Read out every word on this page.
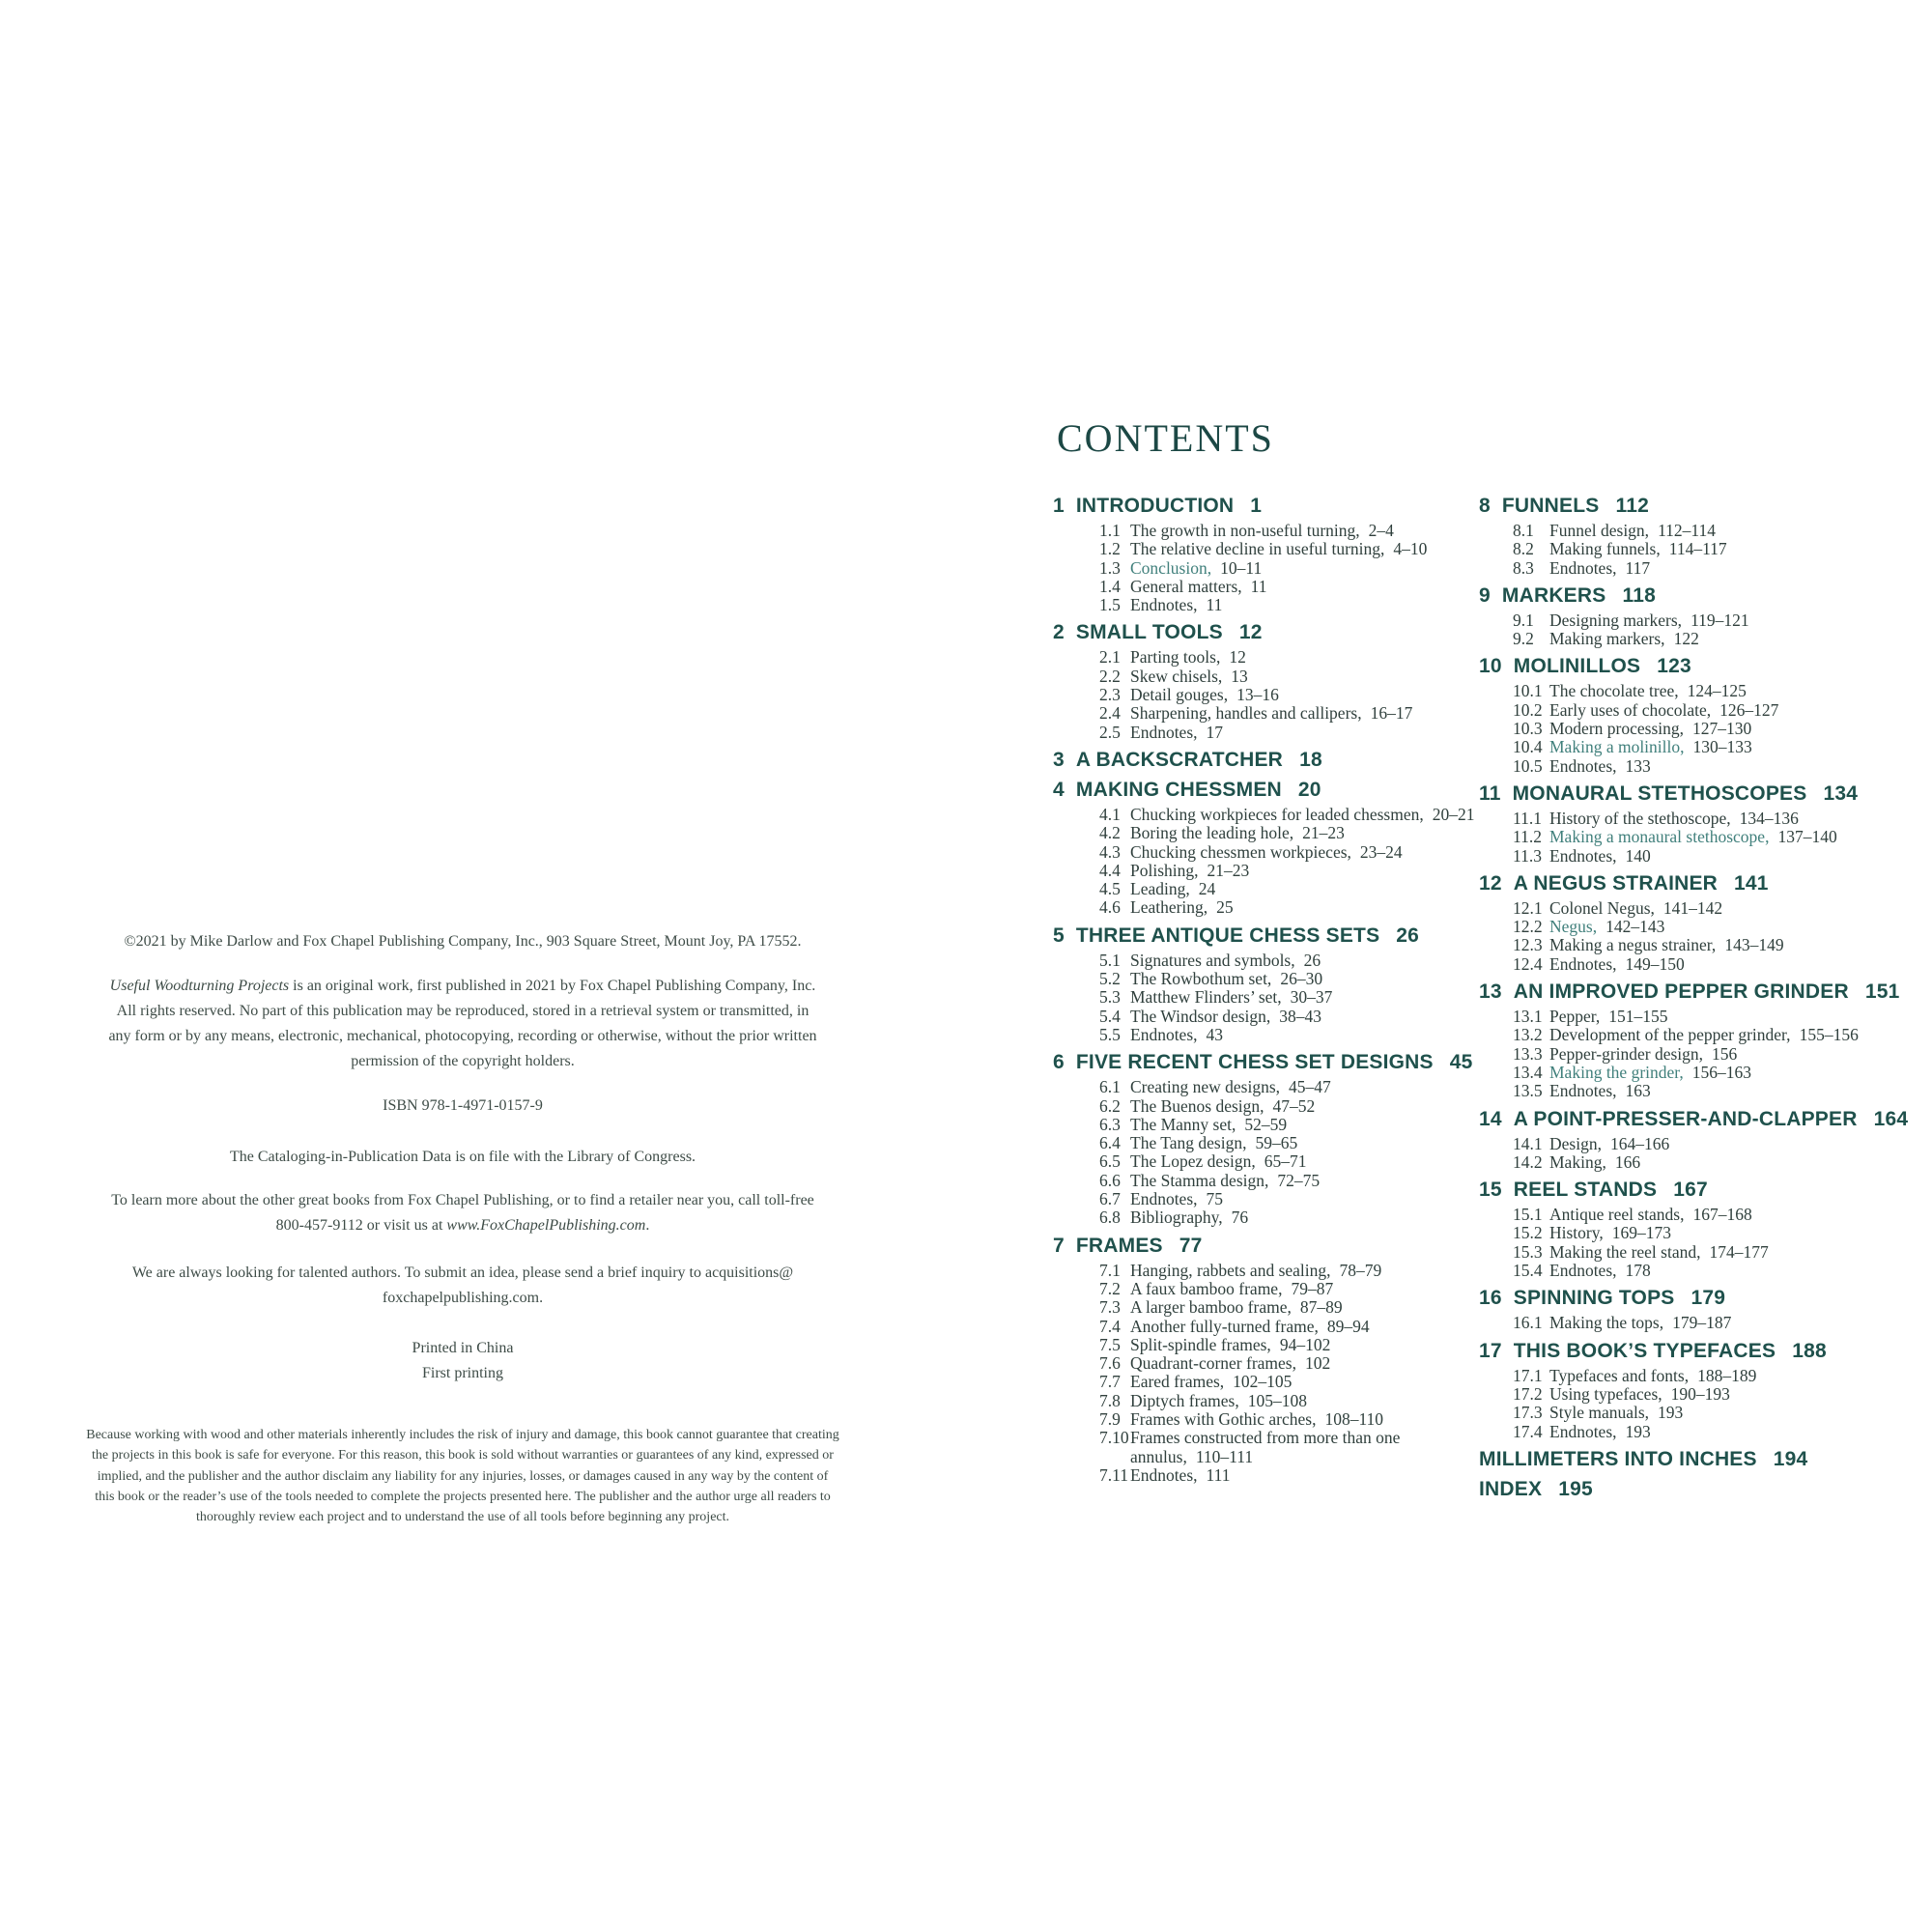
©2021 by Mike Darlow and Fox Chapel Publishing Company, Inc., 903 Square Street, Mount Joy, PA 17552.

Useful Woodturning Projects is an original work, first published in 2021 by Fox Chapel Publishing Company, Inc.
All rights reserved. No part of this publication may be reproduced, stored in a retrieval system or transmitted, in
any form or by any means, electronic, mechanical, photocopying, recording or otherwise, without the prior written
permission of the copyright holders.

ISBN 978-1-4971-0157-9

The Cataloging-in-Publication Data is on file with the Library of Congress.

To learn more about the other great books from Fox Chapel Publishing, or to find a retailer near you, call toll-free
800-457-9112 or visit us at www.FoxChapelPublishing.com.

We are always looking for talented authors. To submit an idea, please send a brief inquiry to acquisitions@
foxchapelpublishing.com.

Printed in China
First printing

Because working with wood and other materials inherently includes the risk of injury and damage, this book cannot guarantee that creating
the projects in this book is safe for everyone. For this reason, this book is sold without warranties or guarantees of any kind, expressed or
implied, and the publisher and the author disclaim any liability for any injuries, losses, or damages caused in any way by the content of
this book or the reader’s use of the tools needed to complete the projects presented here. The publisher and the author urge all readers to
thoroughly review each project and to understand the use of all tools before beginning any project.

CONTENTS
1 INTRODUCTION 1
1.1 The growth in non-useful turning, 2–4
1.2 The relative decline in useful turning, 4–10
1.3 Conclusion, 10–11
1.4 General matters, 11
1.5 Endnotes, 11
2 SMALL TOOLS 12
2.1 Parting tools, 12
2.2 Skew chisels, 13
2.3 Detail gouges, 13–16
2.4 Sharpening, handles and callipers, 16–17
2.5 Endnotes, 17
3 A BACKSCRATCHER 18
4 MAKING CHESSMEN 20
4.1 Chucking workpieces for leaded chessmen, 20–21
4.2 Boring the leading hole, 21–23
4.3 Chucking chessmen workpieces, 23–24
4.4 Polishing, 21–23
4.5 Leading, 24
4.6 Leathering, 25
5 THREE ANTIQUE CHESS SETS 26
5.1 Signatures and symbols, 26
5.2 The Rowbothum set, 26–30
5.3 Matthew Flinders’ set, 30–37
5.4 The Windsor design, 38–43
5.5 Endnotes, 43
6 FIVE RECENT CHESS SET DESIGNS 45
6.1 Creating new designs, 45–47
6.2 The Buenos design, 47–52
6.3 The Manny set, 52–59
6.4 The Tang design, 59–65
6.5 The Lopez design, 65–71
6.6 The Stamma design, 72–75
6.7 Endnotes, 75
6.8 Bibliography, 76
7 FRAMES 77
7.1 Hanging, rabbets and sealing, 78–79
7.2 A faux bamboo frame, 79–87
7.3 A larger bamboo frame, 87–89
7.4 Another fully-turned frame, 89–94
7.5 Split-spindle frames, 94–102
7.6 Quadrant-corner frames, 102
7.7 Eared frames, 102–105
7.8 Diptych frames, 105–108
7.9 Frames with Gothic arches, 108–110
7.10 Frames constructed from more than one
annulus, 110–111
7.11 Endnotes, 111
8 FUNNELS 112
8.1 Funnel design, 112–114
8.2 Making funnels, 114–117
8.3 Endnotes, 117
9 MARKERS 118
9.1 Designing markers, 119–121
9.2 Making markers, 122
10 MOLINILLOS 123
10.1 The chocolate tree, 124–125
10.2 Early uses of chocolate, 126–127
10.3 Modern processing, 127–130
10.4 Making a molinillo, 130–133
10.5 Endnotes, 133
11 MONAURAL STETHOSCOPES 134
11.1 History of the stethoscope, 134–136
11.2 Making a monaural stethoscope, 137–140
11.3 Endnotes, 140
12 A NEGUS STRAINER 141
12.1 Colonel Negus, 141–142
12.2 Negus, 142–143
12.3 Making a negus strainer, 143–149
12.4 Endnotes, 149–150
13 AN IMPROVED PEPPER GRINDER 151
13.1 Pepper, 151–155
13.2 Development of the pepper grinder, 155–156
13.3 Pepper-grinder design, 156
13.4 Making the grinder, 156–163
13.5 Endnotes, 163
14 A POINT-PRESSER-AND-CLAPPER 164
14.1 Design, 164–166
14.2 Making, 166
15 REEL STANDS 167
15.1 Antique reel stands, 167–168
15.2 History, 169–173
15.3 Making the reel stand, 174–177
15.4 Endnotes, 178
16 SPINNING TOPS 179
16.1 Making the tops, 179–187
17 THIS BOOK’S TYPEFACES 188
17.1 Typefaces and fonts, 188–189
17.2 Using typefaces, 190–193
17.3 Style manuals, 193
17.4 Endnotes, 193
MILLIMETERS INTO INCHES 194
INDEX 195
